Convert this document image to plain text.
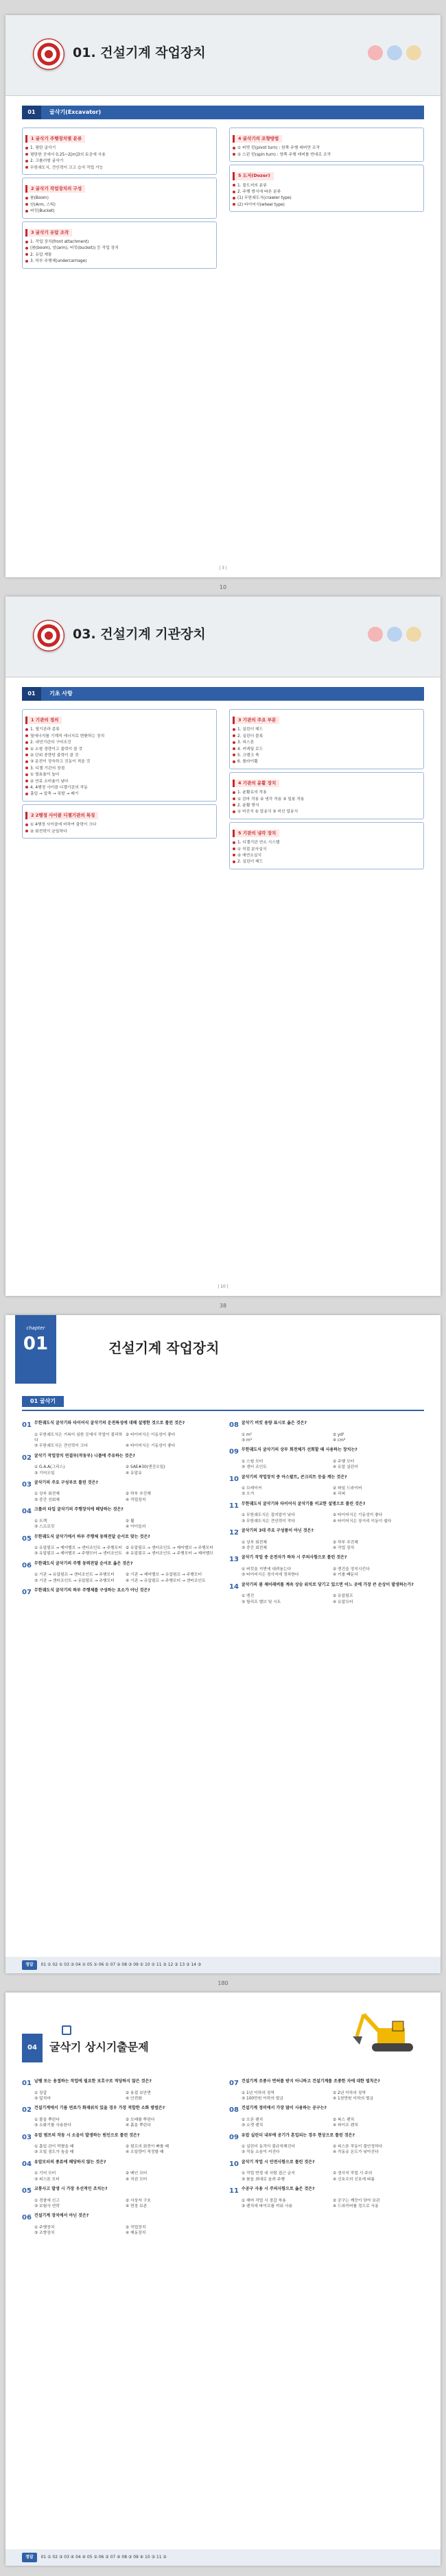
01. 건설기계 작업장치
01	굴삭기(Excavator)
1 굴삭기 주행장치별 분류
1. 평탄 굴삭기
평탄한 곳에서 0.25~2[m]3의 토공에 사용
2. 크롤러형 굴삭기
무한궤도식, 견인력이 크고 습지 작업 가능
2 굴삭기 작업장치의 구성
붐(Boom)
암(Arm, 스틱)
버킷(Bucket)
3 굴삭기 유압 조작
1. 작업 장치(front attachment)
(붐(boom), 암(arm), 버킷(bucket)) 등 작업 장치
2. 유압 계통
3. 하부 주행체(undercarriage)
4 굴삭기의 조향방법
① 피벗 턴(pivot turn) : 한쪽 주행 레버만 조작
② 스핀 턴(spin turn) : 양쪽 주행 레버를 반대로 조작
5 도저(Dozer)
1. 불도저의 분류
2. 주행 방식에 따른 분류
(1) 무한궤도식(crawler type)
(2) 타이어식(wheel type)
| 3 |
10
03. 건설기계 기관장치
01	기초 사항
1 기관의 정의
1. 열기관과 종류
열에너지를 기계적 에너지로 변환하는 장치
2. 내연기관의 구비조건
① 소형 경량이고 출력이 클 것
② 단위 중량당 출력이 클 것
③ 운전이 정숙하고 진동이 적을 것
3. 디젤 기관의 장점
① 열효율이 높다
② 연료 소비율이 낮다
4. 4행정 사이클 디젤기관의 작동
흡입 → 압축 → 폭발 → 배기
2 2행정 사이클 디젤기관의 특징
① 4행정 사이클에 비하여 출력이 크다
② 회전력이 균일하다
3 기관의 주요 부분
1. 실린더 헤드
2. 실린더 블록
3. 피스톤
4. 커넥팅 로드
5. 크랭크 축
6. 플라이휠
4 기관의 윤활 장치
1. 윤활유의 작용
① 감마 작용 ② 냉각 작용 ③ 밀봉 작용
2. 윤활 방식
① 비산식 ② 압송식 ③ 비산 압송식
5 기관의 냉각 장치
1. 디젤기관 연소 시스템
① 직접 분사실식
② 예연소실식
2. 실린더 헤드
| 10 |
38
chapter
01	건설기계 작업장치
01 굴삭기
01 무한궤도식 굴삭기와 타이어식 굴삭기의 운전특성에 대해 설명한 것으로 틀린 것은?
① 무한궤도식은 기복이 심한 곳에서 작업이 불리하다
② 타이어식은 이동성이 좋다
③ 무한궤도식은 견인력이 크다	④ 타이어식은 기동성이 좋다
02 굴삭기 작업장치 연결부(작동부) 니플에 주유하는 것은?
① G.A.A(그리스)	② SAE#30(엔진오일)
③ 기어오일	④ 유압유
03 굴삭기의 주요 구성부로 틀린 것은?
① 상부 회전체	② 하부 추진체
③ 중간 선회체	④ 작업장치
04 크롤러 타입 굴삭기의 주행장치에 해당하는 것은?
① 트랙	② 휠
③ 스프로킷	④ 아이들러
05 무한궤도식 굴삭기에서 하부 주행체 동력전달 순서로 맞는 것은?
① 유압펌프 → 제어밸브 → 센터조인트 → 주행모터 ② 유압펌프 → 센터조인트 → 제어밸브 → 주행모터
③ 유압펌프 → 제어밸브 → 주행모터 → 센터조인트 ④ 유압펌프 → 센터조인트 → 주행모터 → 제어밸브
06 무한궤도식 굴삭기의 주행 동력전달 순서로 옳은 것은?
① 기관 → 유압펌프 → 센터조인트 → 주행모터	② 기관 → 제어밸브 → 유압펌프 → 주행모터
③ 기관 → 센터조인트 → 유압펌프 → 주행모터	④ 기관 → 유압펌프 → 주행모터 → 센터조인트
07 무한궤도식 굴삭기의 하부 주행체를 구성하는 요소가 아닌 것은?
08 굴삭기 버킷 용량 표시로 옳은 것은?
① m²	② yd²
③ m³	④ cm³
09 무한궤도식 굴삭기의 상부 회전체가 선회할 때 사용하는 장치는?
① 스윙 모터	② 주행 모터
③ 센터 조인트	④ 유압 실린더
10 굴삭기의 작업장치 중 아스팔트, 콘크리트 등을 깨는 것은?
① 브레이커	② 파일 드라이버
③ 오거	④ 리퍼
11 무한궤도식 굴삭기와 타이어식 굴삭기를 비교한 설명으로 틀린 것은?
① 무한궤도식은 접지압이 낮다	② 타이어식은 기동성이 좋다
③ 무한궤도식은 견인력이 작다	④ 타이어식은 장거리 이동이 쉽다
12 굴삭기의 3대 주요 구성품이 아닌 것은?
① 상부 회전체	② 하부 추진체
③ 중간 회전체	④ 작업 장치
13 굴삭기 작업 중 운전자가 하차 시 주의사항으로 틀린 것은?
① 버킷을 지면에 내려놓는다	② 엔진을 정지시킨다
③ 타이어식은 경사지에 정차한다	④ 키를 빼둔다
14 굴삭기의 붐 제어레버를 계속 상승 위치로 당기고 있으면 어느 곳에 가장 큰 손상이 발생하는가?
① 엔진	② 유압펌프
③ 릴리프 밸브 및 시트	④ 유압모터
정답 01 ① 02 ① 03 ③ 04 ① 05 ① 06 ① 07 ② 08 ③ 09 ① 10 ① 11 ③ 12 ③ 13 ③ 14 ③
180
04	굴삭기 상시기출문제
01 납땜 또는 용접하는 작업에 필요한 보호구로 적당하지 않은 것은?
① 장갑	② 용접 보안면
③ 앞치마	④ 안전화
02 건설기계에서 기름 연료가 화재위치 있을 경우 가장 적합한 소화 방법은?
① 물을 뿌린다	② 모래를 뿌린다
③ 소화기를 사용한다	④ 흙을 뿌린다
03 유압 펌프의 작동 시 소음이 발생하는 원인으로 틀린 것은?
① 흡입 관이 막혔을 때	② 펌프의 회전이 빠를 때
③ 오일 점도가 높을 때	④ 오일량이 적정할 때
04 유압모터의 종류에 해당하지 않는 것은?
① 기어 모터	② 베인 모터
③ 피스톤 모터	④ 직권 모터
05 교통사고 발생 시 가장 우선적인 조치는?
① 경찰에 신고	② 사상자 구호
③ 보험사 연락	④ 현장 보존
06 건설기계 장치에서 아닌 것은?
① 주행장치	② 작업장치
③ 조향장치	④ 제동장치
07 건설기계 조종사 면허를 받지 아니하고 건설기계를 조종한 자에 대한 벌칙은?
① 1년 이하의 징역	② 2년 이하의 징역
③ 100만원 이하의 벌금	④ 1천만원 이하의 벌금
08 건설기계 정비에서 가장 많이 사용하는 공구는?
① 오픈 렌치	② 복스 렌치
③ 소켓 렌치	④ 파이프 렌치
09 유압 실린더 내부에 공기가 혼입되는 경우 현상으로 틀린 것은?
① 실린더 동작이 불규칙해진다	② 피스톤 작동이 불안정하다
③ 작동 소음이 커진다	④ 작동유 온도가 낮아진다
10 굴삭기 작업 시 안전사항으로 틀린 것은?
① 작업 반경 내 사람 접근 금지	② 경사지 작업 시 주의
③ 붐을 최대로 올려 주행	④ 신호수의 신호에 따름
11 수공구 사용 시 주의사항으로 옳은 것은?
① 해머 작업 시 장갑 착용	② 공구는 깨끗이 닦아 보관
③ 렌치에 파이프를 끼워 사용	④ 드라이버를 정으로 사용
정답 01 ① 02 ③ 03 ④ 04 ④ 05 ② 06 ③ 07 ④ 08 ③ 09 ④ 10 ③ 11 ②
